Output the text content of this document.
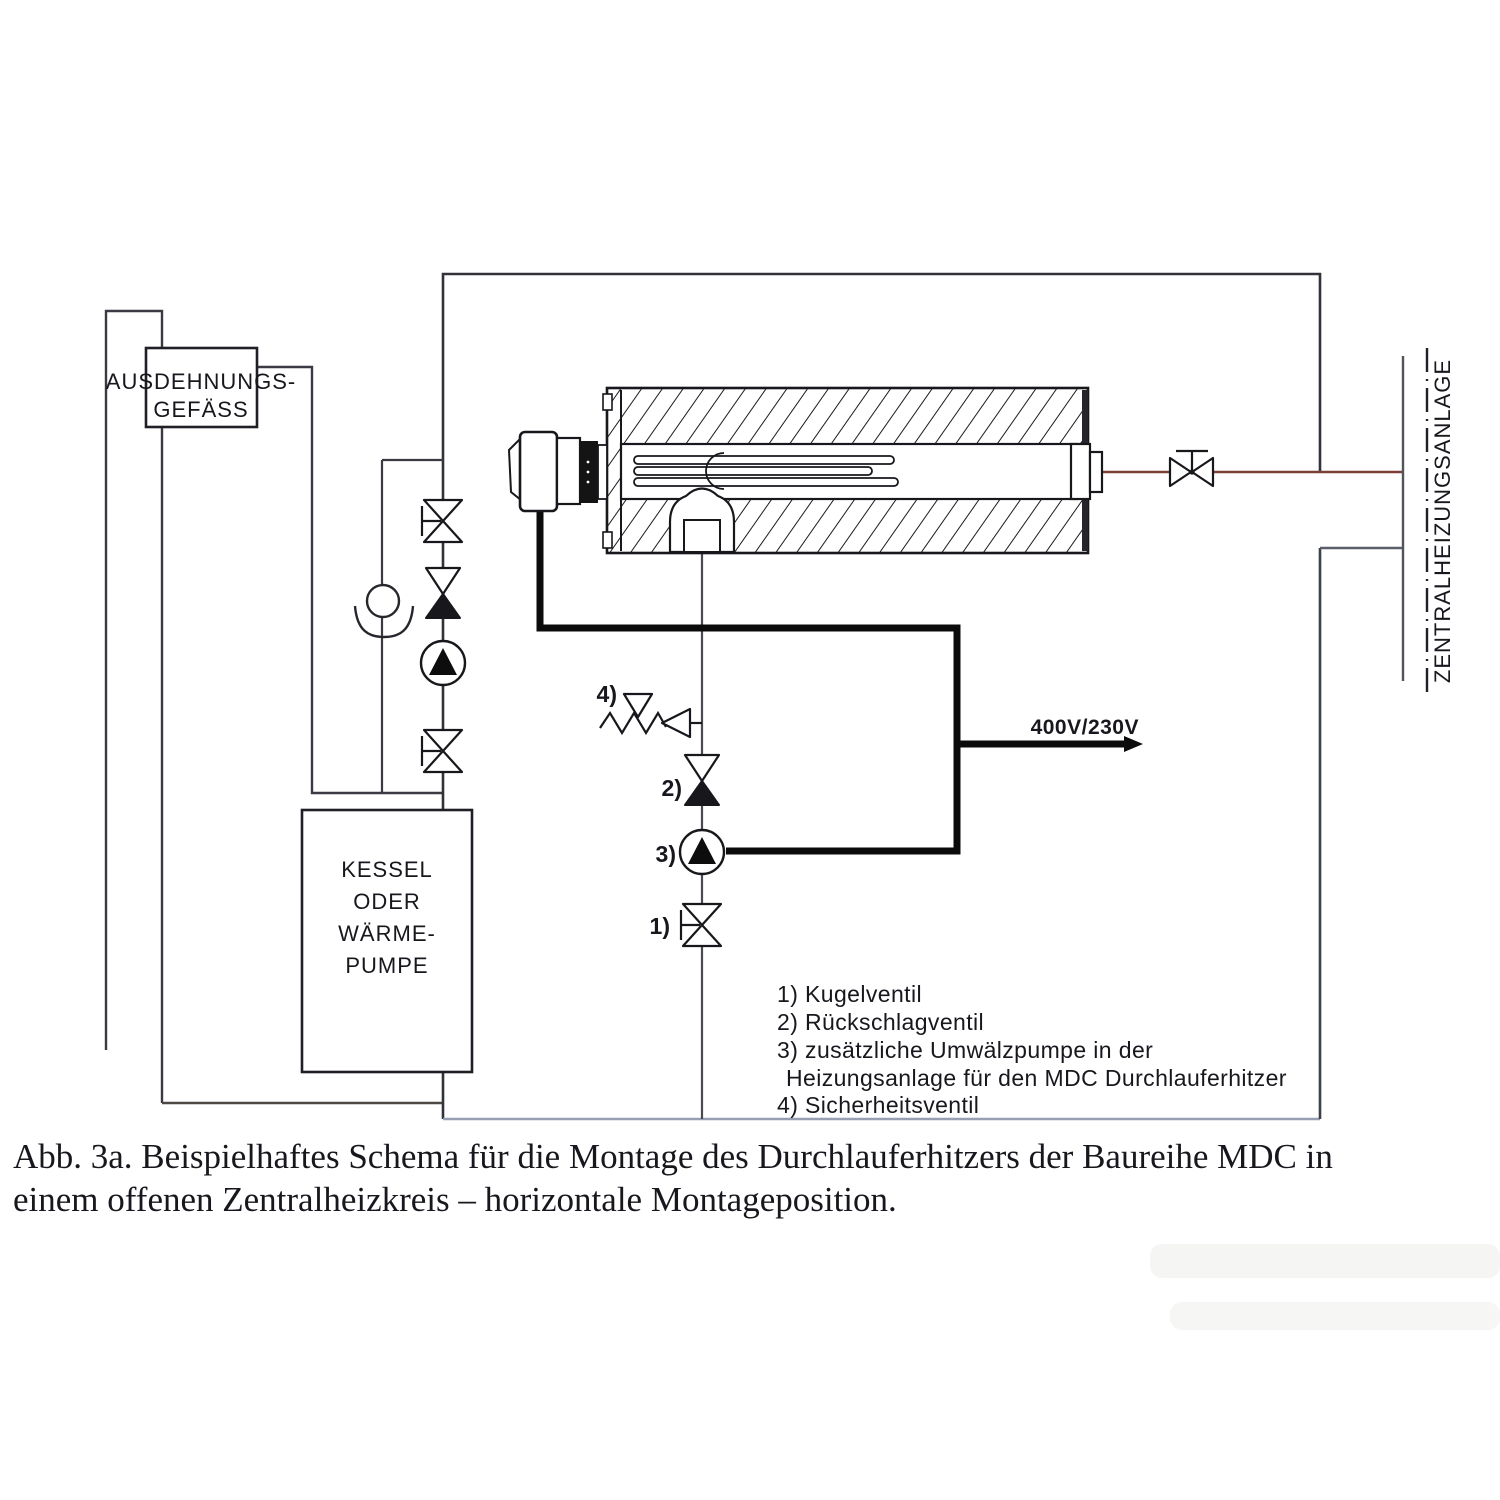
AUSDEHNUNGS-
GEFÄSS	ZENTRALHEIZUNGSANLAGE
KESSEL
ODER
WÄRME-
PUMPE
400V/230V
4)
2)
3)
1)
1) Kugelventil
2) Rückschlagventil
3) zusätzliche Umwälzpumpe in der
Heizungsanlage für den MDC Durchlauferhitzer
4) Sicherheitsventil
Abb. 3a. Beispielhaftes Schema für die Montage des Durchlauferhitzers der Baureihe MDC in
einem offenen Zentralheizkreis – horizontale Montageposition.
